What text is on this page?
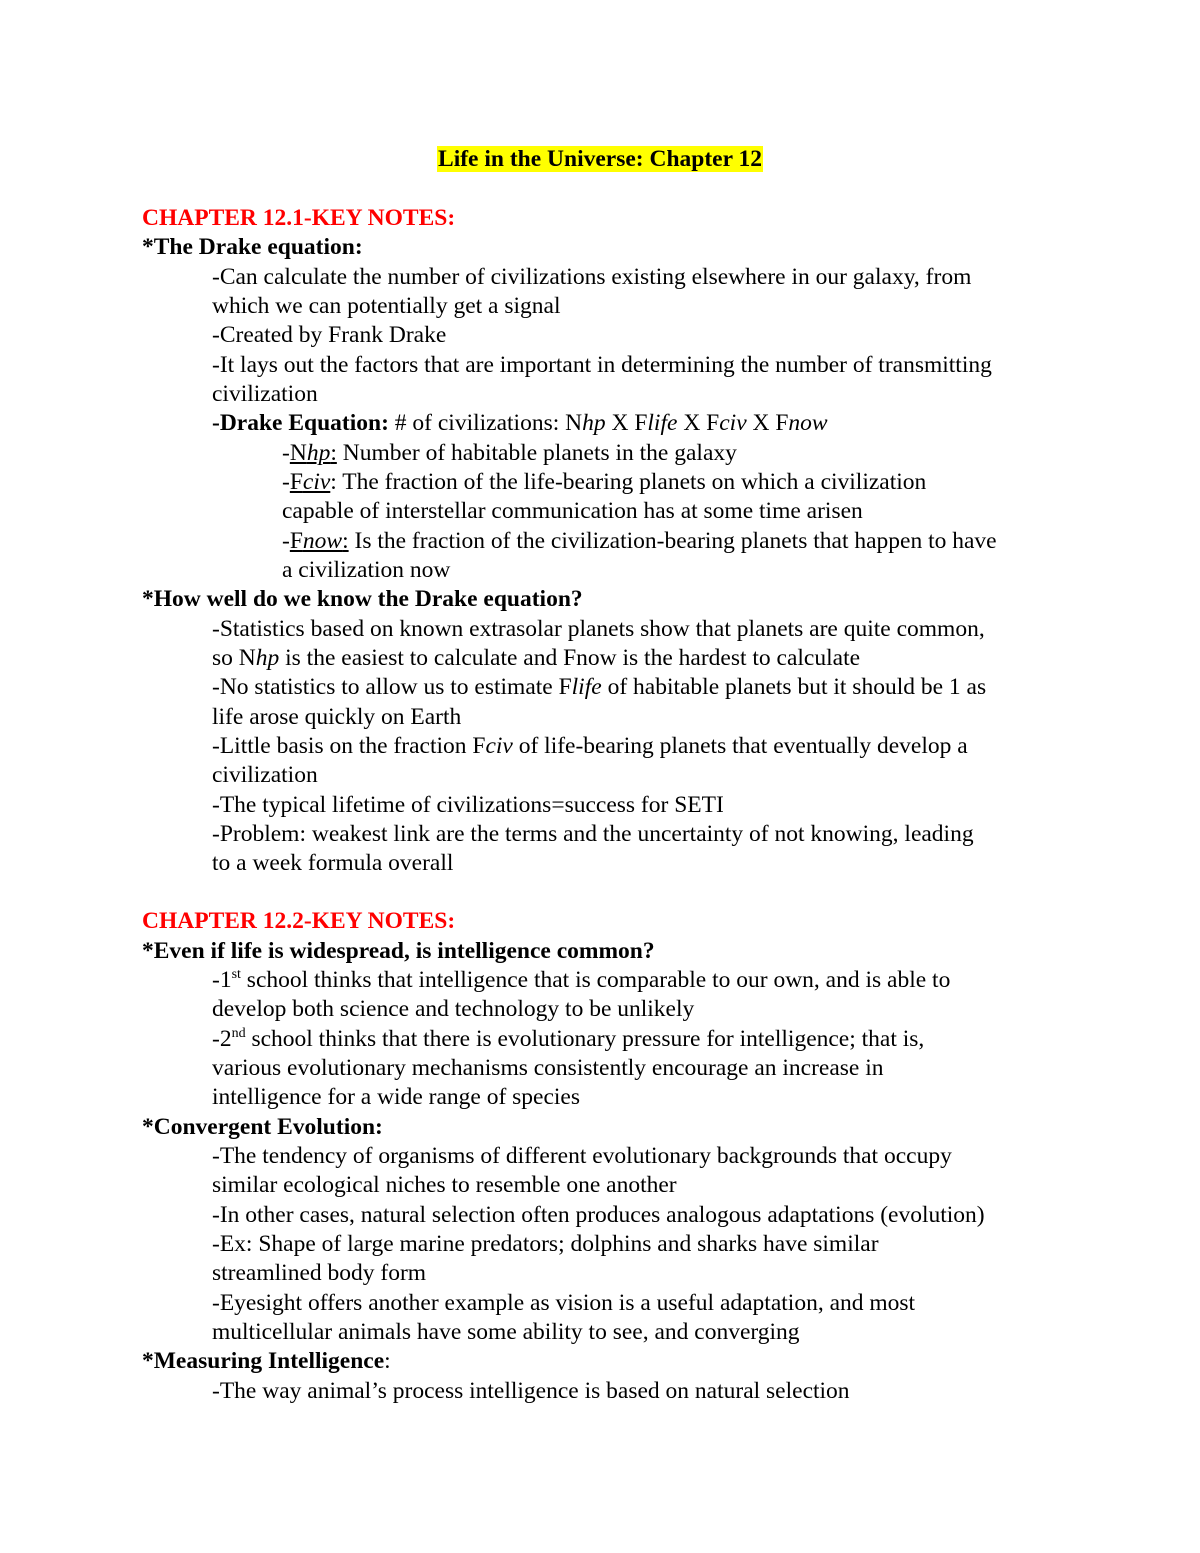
Life in the Universe: Chapter 12
CHAPTER 12.1-KEY NOTES:
*The Drake equation:
-Can calculate the number of civilizations existing elsewhere in our galaxy, from
which we can potentially get a signal
-Created by Frank Drake
-It lays out the factors that are important in determining the number of transmitting
civilization
-Drake Equation: # of civilizations: Nhp X Flife X Fciv X Fnow
-Nhp: Number of habitable planets in the galaxy
-Fciv: The fraction of the life-bearing planets on which a civilization
capable of interstellar communication has at some time arisen
-Fnow: Is the fraction of the civilization-bearing planets that happen to have
a civilization now
*How well do we know the Drake equation?
-Statistics based on known extrasolar planets show that planets are quite common,
so Nhp is the easiest to calculate and Fnow is the hardest to calculate
-No statistics to allow us to estimate Flife of habitable planets but it should be 1 as
life arose quickly on Earth
-Little basis on the fraction Fciv of life-bearing planets that eventually develop a
civilization
-The typical lifetime of civilizations=success for SETI
-Problem: weakest link are the terms and the uncertainty of not knowing, leading
to a week formula overall
CHAPTER 12.2-KEY NOTES:
*Even if life is widespread, is intelligence common?
-1st school thinks that intelligence that is comparable to our own, and is able to
develop both science and technology to be unlikely
-2nd school thinks that there is evolutionary pressure for intelligence; that is,
various evolutionary mechanisms consistently encourage an increase in
intelligence for a wide range of species
*Convergent Evolution:
-The tendency of organisms of different evolutionary backgrounds that occupy
similar ecological niches to resemble one another
-In other cases, natural selection often produces analogous adaptations (evolution)
-Ex: Shape of large marine predators; dolphins and sharks have similar
streamlined body form
-Eyesight offers another example as vision is a useful adaptation, and most
multicellular animals have some ability to see, and converging
*Measuring Intelligence:
-The way animal’s process intelligence is based on natural selection
